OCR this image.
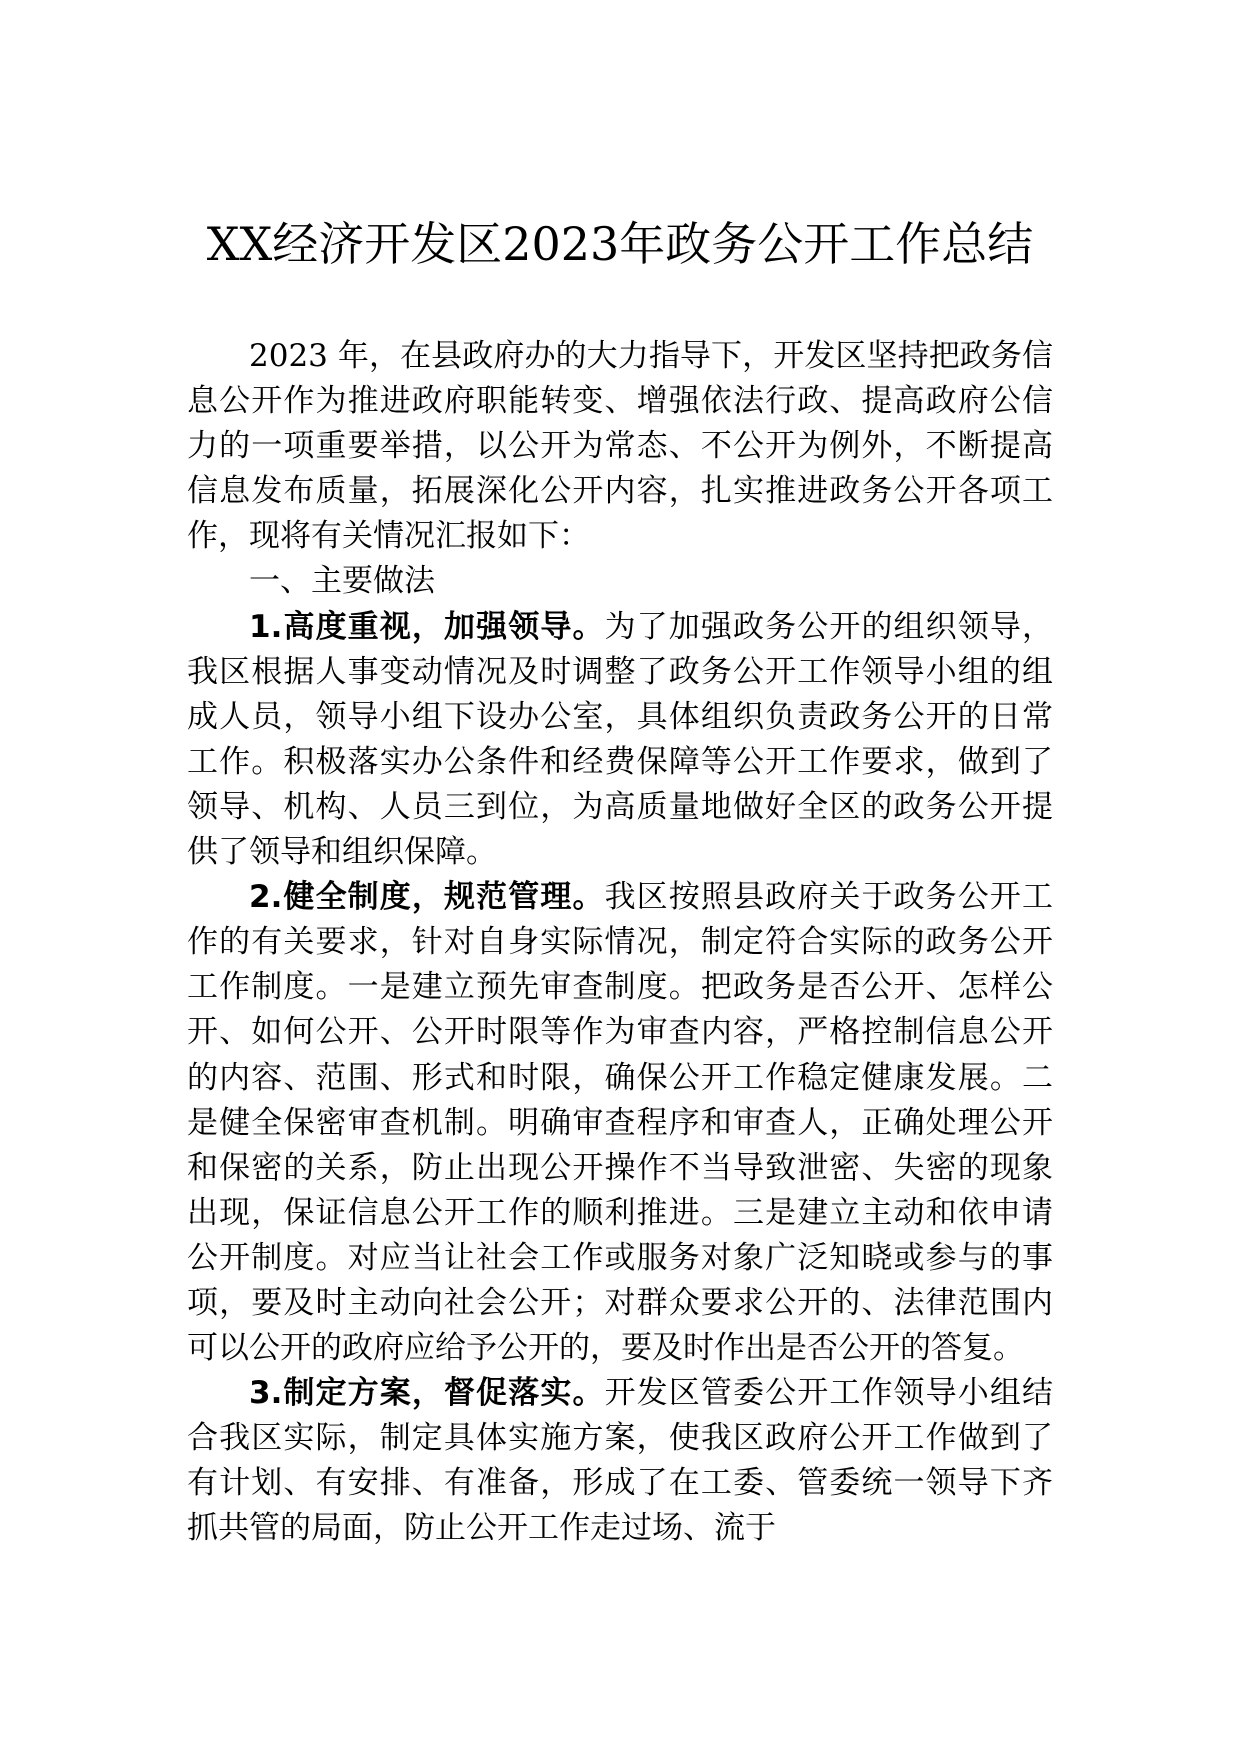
XX经济开发区2023年政务公开工作总结

2023 年，在县政府办的大力指导下，开发区坚持把政务信息公开作为推进政府职能转变、增强依法行政、提高政府公信力的一项重要举措，以公开为常态、不公开为例外，不断提高信息发布质量，拓展深化公开内容，扎实推进政务公开各项工作，现将有关情况汇报如下：

一、主要做法

1.高度重视，加强领导。为了加强政务公开的组织领导，我区根据人事变动情况及时调整了政务公开工作领导小组的组成人员，领导小组下设办公室，具体组织负责政务公开的日常工作。积极落实办公条件和经费保障等公开工作要求，做到了领导、机构、人员三到位，为高质量地做好全区的政务公开提供了领导和组织保障。

2.健全制度，规范管理。我区按照县政府关于政务公开工作的有关要求，针对自身实际情况，制定符合实际的政务公开工作制度。一是建立预先审查制度。把政务是否公开、怎样公开、如何公开、公开时限等作为审查内容，严格控制信息公开的内容、范围、形式和时限，确保公开工作稳定健康发展。二是健全保密审查机制。明确审查程序和审查人，正确处理公开和保密的关系，防止出现公开操作不当导致泄密、失密的现象出现，保证信息公开工作的顺利推进。三是建立主动和依申请公开制度。对应当让社会工作或服务对象广泛知晓或参与的事项，要及时主动向社会公开；对群众要求公开的、法律范围内可以公开的政府应给予公开的，要及时作出是否公开的答复。

3.制定方案，督促落实。开发区管委公开工作领导小组结合我区实际，制定具体实施方案，使我区政府公开工作做到了有计划、有安排、有准备，形成了在工委、管委统一领导下齐抓共管的局面，防止公开工作走过场、流于
